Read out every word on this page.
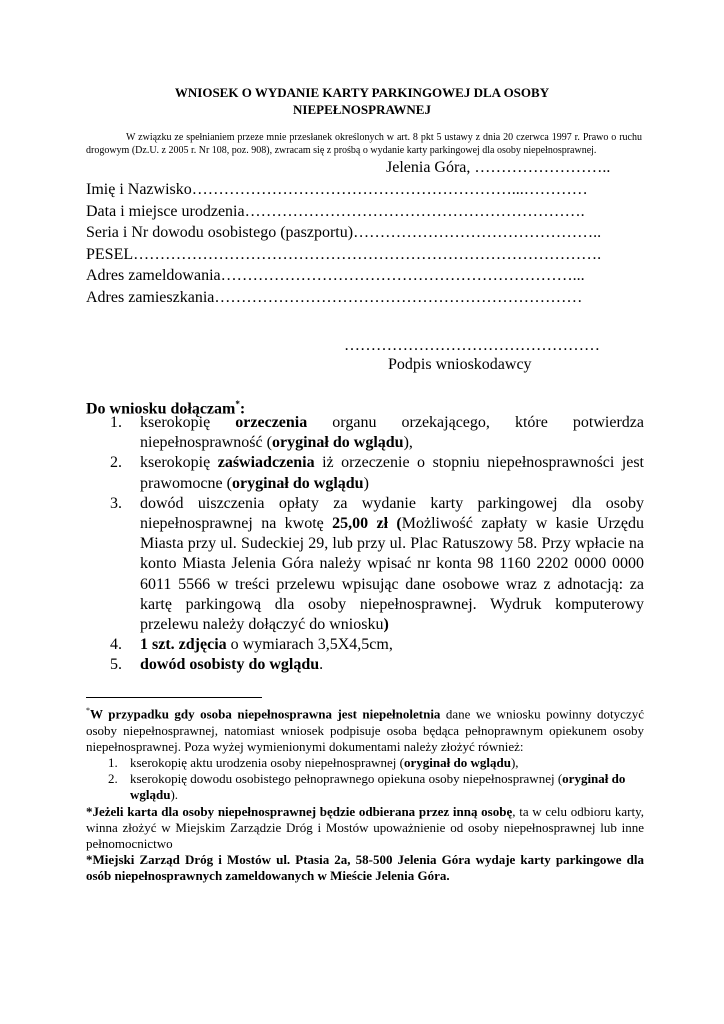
WNIOSEK O WYDANIE KARTY PARKINGOWEJ DLA OSOBY
NIEPEŁNOSPRAWNEJ
W związku ze spełnianiem przeze mnie przesłanek określonych w art. 8 pkt 5 ustawy z dnia 20 czerwca 1997 r. Prawo o ruchu drogowym (Dz.U. z 2005 r. Nr 108, poz. 908), zwracam się z prośbą o wydanie karty parkingowej dla osoby niepełnosprawnej.
Jelenia Góra, ……………………..
Imię i Nazwisko……………………………………………………...…………
Data i miejsce urodzenia……………………………………………………….
Seria i Nr dowodu osobistego (paszportu)………………………………………..
PESEL…………………………………………………………………………….
Adres zameldowania…………………………………………………………...
Adres zamieszkania……………………………………………………………
…………………………………………
Podpis wnioskodawcy
Do wniosku dołączam*:
1. kserokopię orzeczenia organu orzekającego, które potwierdza niepełnosprawność (oryginał do wglądu),
2. kserokopię zaświadczenia iż orzeczenie o stopniu niepełnosprawności jest prawomocne (oryginał do wglądu)
3. dowód uiszczenia opłaty za wydanie karty parkingowej dla osoby niepełnosprawnej na kwotę 25,00 zł (Możliwość zapłaty w kasie Urzędu Miasta przy ul. Sudeckiej 29, lub przy ul. Plac Ratuszowy 58. Przy wpłacie na konto Miasta Jelenia Góra należy wpisać nr konta 98 1160 2202 0000 0000 6011 5566 w treści przelewu wpisując dane osobowe wraz z adnotacją: za kartę parkingową dla osoby niepełnosprawnej. Wydruk komputerowy przelewu należy dołączyć do wniosku)
4. 1 szt. zdjęcia o wymiarach 3,5X4,5cm,
5. dowód osobisty do wglądu.

*W przypadku gdy osoba niepełnosprawna jest niepełnoletnia dane we wniosku powinny dotyczyć osoby niepełnosprawnej, natomiast wniosek podpisuje osoba będąca pełnoprawnym opiekunem osoby niepełnosprawnej. Poza wyżej wymienionymi dokumentami należy złożyć również:

1. kserokopię aktu urodzenia osoby niepełnosprawnej (oryginał do wglądu),
2. kserokopię dowodu osobistego pełnoprawnego opiekuna osoby niepełnosprawnej (oryginał do wglądu).

*Jeżeli karta dla osoby niepełnosprawnej będzie odbierana przez inną osobę, ta w celu odbioru karty, winna złożyć w Miejskim Zarządzie Dróg i Mostów upoważnienie od osoby niepełnosprawnej lub inne pełnomocnictwo

*Miejski Zarząd Dróg i Mostów ul. Ptasia 2a, 58-500 Jelenia Góra wydaje karty parkingowe dla osób niepełnosprawnych zameldowanych w Mieście Jelenia Góra.
